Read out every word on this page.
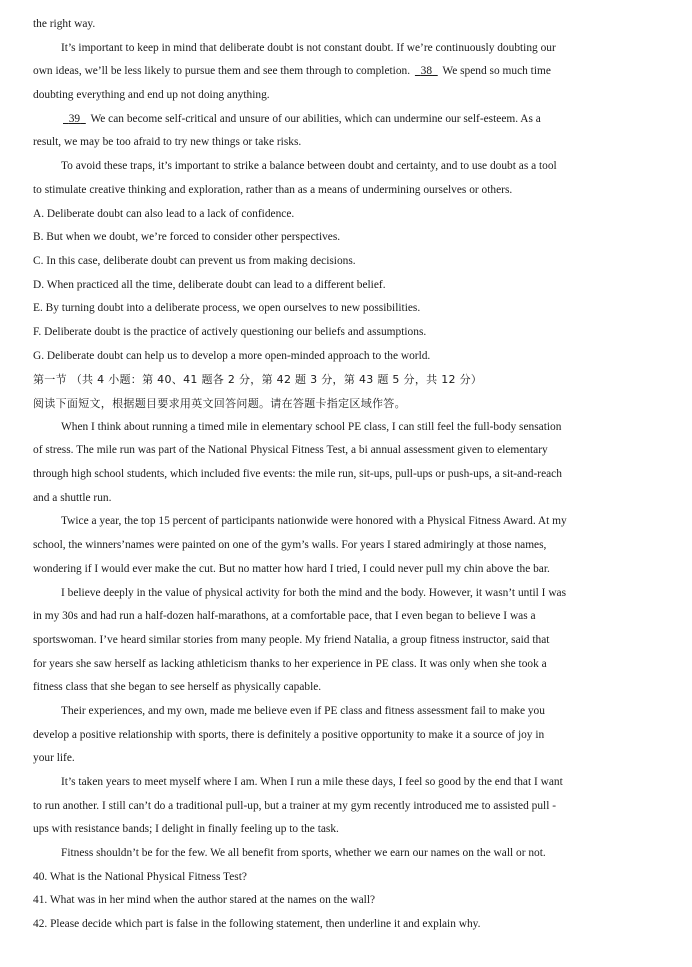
the right way.
It’s important to keep in mind that deliberate doubt is not constant doubt. If we’re continuously doubting our
own ideas, we’ll be less likely to pursue them and see them through to completion.   38   We spend so much time
doubting everything and end up not doing anything.
39   We can become self-critical and unsure of our abilities, which can undermine our self-esteem. As a
result, we may be too afraid to try new things or take risks.
To avoid these traps, it’s important to strike a balance between doubt and certainty, and to use doubt as a tool
to stimulate creative thinking and exploration, rather than as a means of undermining ourselves or others.
A. Deliberate doubt can also lead to a lack of confidence.
B. But when we doubt, we’re forced to consider other perspectives.
C. In this case, deliberate doubt can prevent us from making decisions.
D. When practiced all the time, deliberate doubt can lead to a different belief.
E. By turning doubt into a deliberate process, we open ourselves to new possibilities.
F. Deliberate doubt is the practice of actively questioning our beliefs and assumptions.
G. Deliberate doubt can help us to develop a more open-minded approach to the world.
第一节 （共 4 小题：第 40、41 题各 2 分，第 42 题 3 分，第 43 题 5 分，共 12 分）
阅读下面短文，根据题目要求用英文回答问题。请在答题卡指定区域作答。
When I think about running a timed mile in elementary school PE class, I can still feel the full-body sensation
of stress. The mile run was part of the National Physical Fitness Test, a bi annual assessment given to elementary
through high school students, which included five events: the mile run, sit-ups, pull-ups or push-ups, a sit-and-reach
and a shuttle run.
Twice a year, the top 15 percent of participants nationwide were honored with a Physical Fitness Award. At my
school, the winners’names were painted on one of the gym’s walls. For years I stared admiringly at those names,
wondering if I would ever make the cut. But no matter how hard I tried, I could never pull my chin above the bar.
I believe deeply in the value of physical activity for both the mind and the body. However, it wasn’t until I was
in my 30s and had run a half-dozen half-marathons, at a comfortable pace, that I even began to believe I was a
sportswoman. I’ve heard similar stories from many people. My friend Natalia, a group fitness instructor, said that
for years she saw herself as lacking athleticism thanks to her experience in PE class. It was only when she took a
fitness class that she began to see herself as physically capable.
Their experiences, and my own, made me believe even if PE class and fitness assessment fail to make you
develop a positive relationship with sports, there is definitely a positive opportunity to make it a source of joy in
your life.
It’s taken years to meet myself where I am. When I run a mile these days, I feel so good by the end that I want
to run another. I still can’t do a traditional pull-up, but a trainer at my gym recently introduced me to assisted pull -
ups with resistance bands; I delight in finally feeling up to the task.
Fitness shouldn’t be for the few. We all benefit from sports, whether we earn our names on the wall or not.
40. What is the National Physical Fitness Test?
41. What was in her mind when the author stared at the names on the wall?
42. Please decide which part is false in the following statement, then underline it and explain why.
